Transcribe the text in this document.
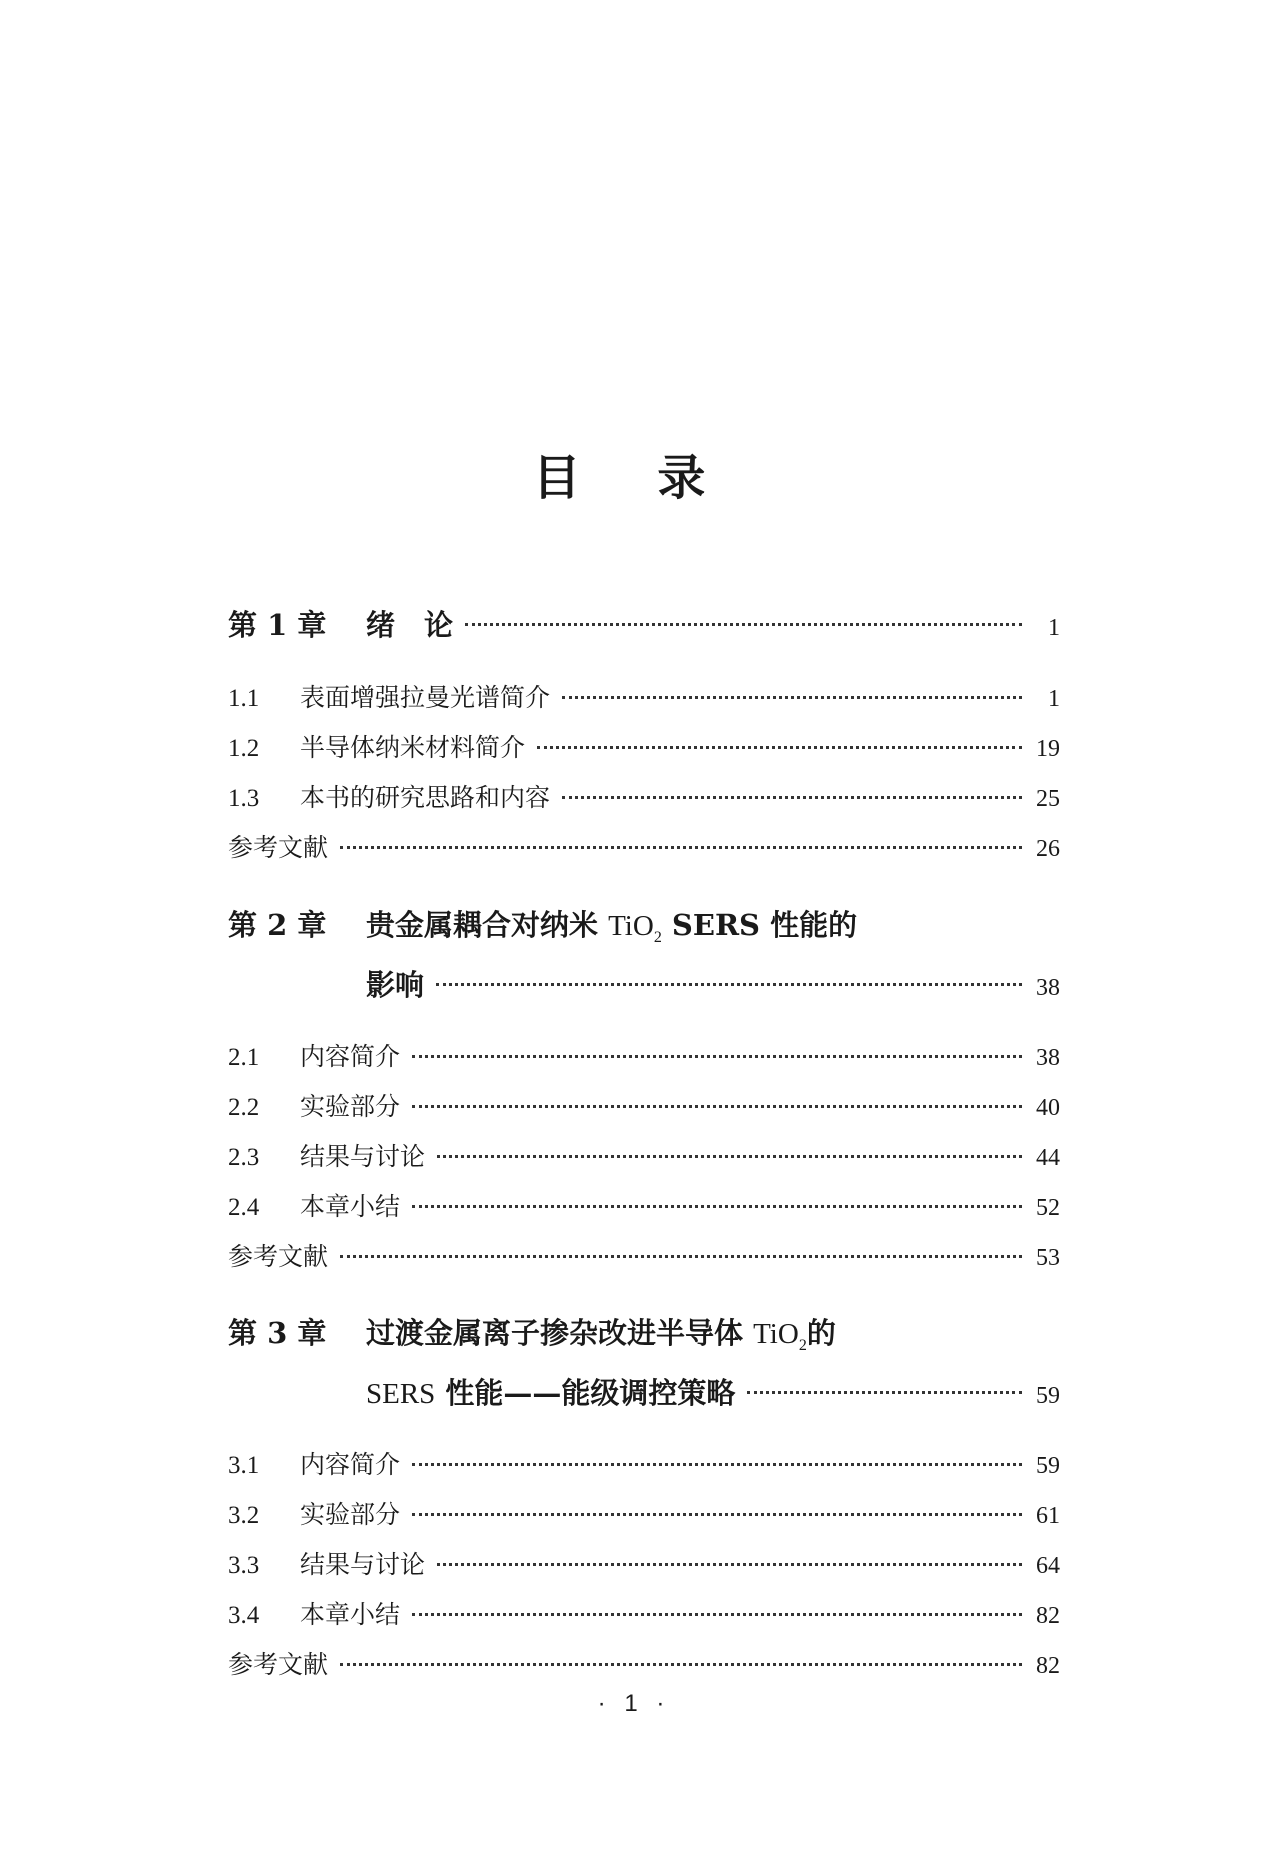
目 录
第 1 章	绪　论	1
1.1	表面增强拉曼光谱简介	1
1.2	半导体纳米材料简介	19
1.3	本书的研究思路和内容	25
参考文献	26
第 2 章	贵金属耦合对纳米 TiO$_2$ SERS 性能的
影响	38
2.1	内容简介	38
2.2	实验部分	40
2.3	结果与讨论	44
2.4	本章小结	52
参考文献	53
第 3 章	过渡金属离子掺杂改进半导体 TiO$_2$的
SERS 性能——能级调控策略	59
3.1	内容简介	59
3.2	实验部分	61
3.3	结果与讨论	64
3.4	本章小结	82
参考文献	82
· 1 ·
